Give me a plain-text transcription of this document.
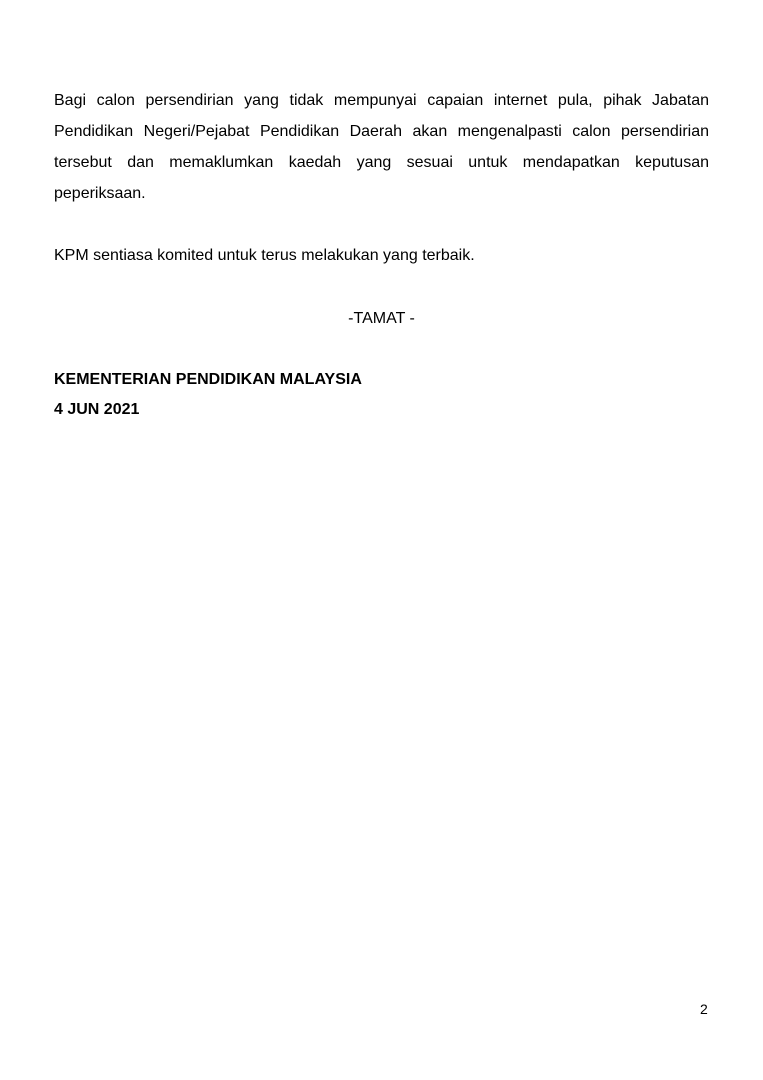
Bagi calon persendirian yang tidak mempunyai capaian internet pula, pihak Jabatan Pendidikan Negeri/Pejabat Pendidikan Daerah akan mengenalpasti calon persendirian tersebut dan memaklumkan kaedah yang sesuai untuk mendapatkan keputusan peperiksaan.

KPM sentiasa komited untuk terus melakukan yang terbaik.

-TAMAT -

KEMENTERIAN PENDIDIKAN MALAYSIA

4 JUN 2021

2
